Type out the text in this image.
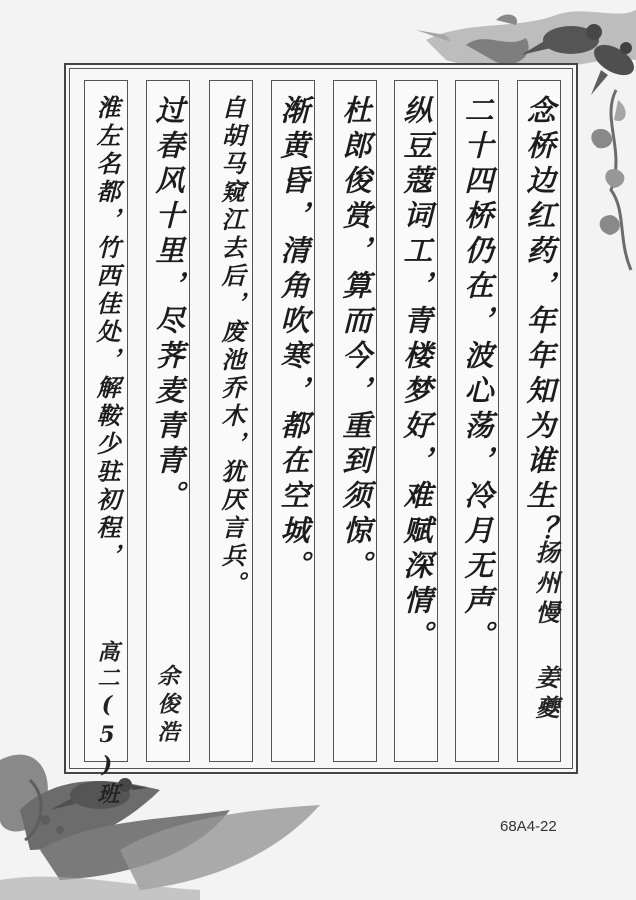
念桥边红药，年年知为谁生？
扬州慢 姜夔
二十四桥仍在，波心荡，冷月无声。
纵豆蔻词工，青楼梦好，难赋深情。
杜郎俊赏，算而今，重到须惊。
渐黄昏，清角吹寒，都在空城。
自胡马窥江去后，废池乔木，犹厌言兵。
过春风十里，尽荠麦青青。
余俊浩
淮左名都，竹西佳处，解鞍少驻初程，
高二(5)班
68A4-22
